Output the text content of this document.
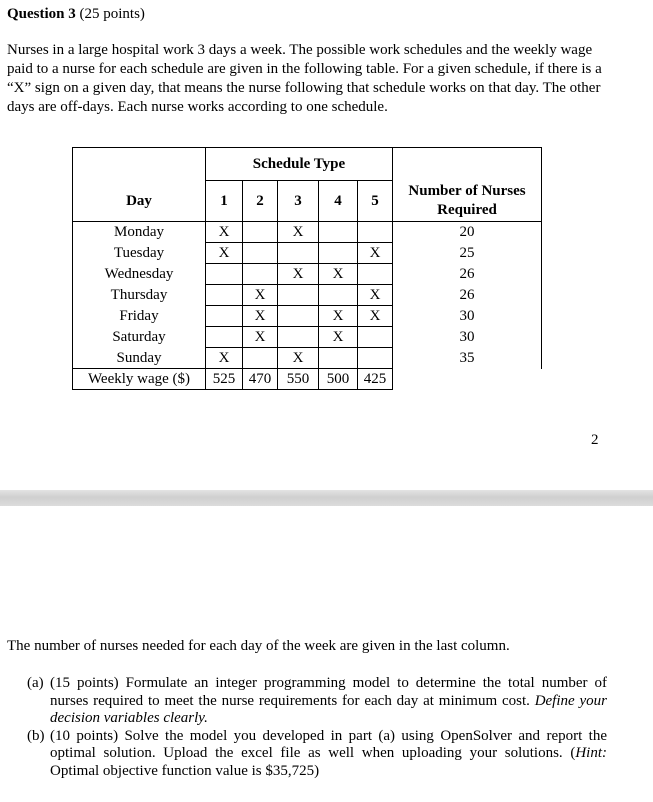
Question 3 (25 points)
Nurses in a large hospital work 3 days a week. The possible work schedules and the weekly wage
paid to a nurse for each schedule are given in the following table. For a given schedule, if there is a
“X” sign on a given day, that means the nurse following that schedule works on that day. The other
days are off-days. Each nurse works according to one schedule.
	Schedule Type					
Day	1	2	3	4	5	Number of Nurses
Required

Monday	X		X			20
Tuesday	X				X	25
Wednesday			X	X		26
Thursday		X			X	26
Friday		X		X	X	30
Saturday		X		X		30
Sunday	X		X			35
Weekly wage ($)	525	470	550	500	425	
2
The number of nurses needed for each day of the week are given in the last column.
(a) (15 points) Formulate an integer programming model to determine the total number of nurses required to meet the nurse requirements for each day at minimum cost. Define your decision variables clearly.
(b) (10 points) Solve the model you developed in part (a) using OpenSolver and report the optimal solution. Upload the excel file as well when uploading your solutions. (Hint: Optimal objective function value is $35,725)
